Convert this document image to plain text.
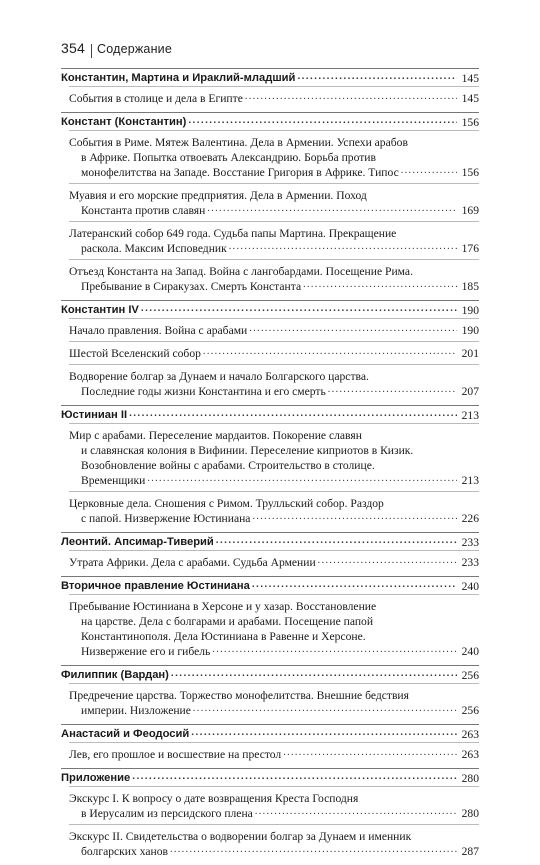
354 Содержание
Константин, Мартина и Ираклий-младший .....	145
События в столице и дела в Египте .....	145
Констант (Константин) .....	156
События в Риме. Мятеж Валентина. Дела в Армении. Успехи арабов
в Африке. Попытка отвоевать Александрию. Борьба против
монофелитства на Западе. Восстание Григория в Африке. Типос .....	156
Муавия и его морские предприятия. Дела в Армении. Поход
Константа против славян .....	169
Латеранский собор 649 года. Судьба папы Мартина. Прекращение
раскола. Максим Исповедник .....	176
Отъезд Константа на Запад. Война с лангобардами. Посещение Рима.
Пребывание в Сиракузах. Смерть Константа .....	185
Константин IV .....	190
Начало правления. Война с арабами .....	190
Шестой Вселенский собор .....	201
Водворение болгар за Дунаем и начало Болгарского царства.
Последние годы жизни Константина и его смерть .....	207
Юстиниан II .....	213
Мир с арабами. Переселение мардаитов. Покорение славян
и славянская колония в Вифинии. Переселение киприотов в Кизик.
Возобновление войны с арабами. Строительство в столице.
Временщики .....	213
Церковные дела. Сношения с Римом. Трулльский собор. Раздор
с папой. Низвержение Юстиниана .....	226
Леонтий. Апсимар-Тиверий .....	233
Утрата Африки. Дела с арабами. Судьба Армении .....	233
Вторичное правление Юстиниана .....	240
Пребывание Юстиниана в Херсоне и у хазар. Восстановление
на царстве. Дела с болгарами и арабами. Посещение папой
Константинополя. Дела Юстиниана в Равенне и Херсоне.
Низвержение его и гибель .....	240
Филиппик (Вардан) .....	256
Предречение царства. Торжество монофелитства. Внешние бедствия
империи. Низложение .....	256
Анастасий и Феодосий .....	263
Лев, его прошлое и восшествие на престол .....	263
Приложение .....	280
Экскурс I. К вопросу о дате возвращения Креста Господня
в Иерусалим из персидского плена .....	280
Экскурс II. Свидетельства о водворении болгар за Дунаем и именник
болгарских ханов .....	287
